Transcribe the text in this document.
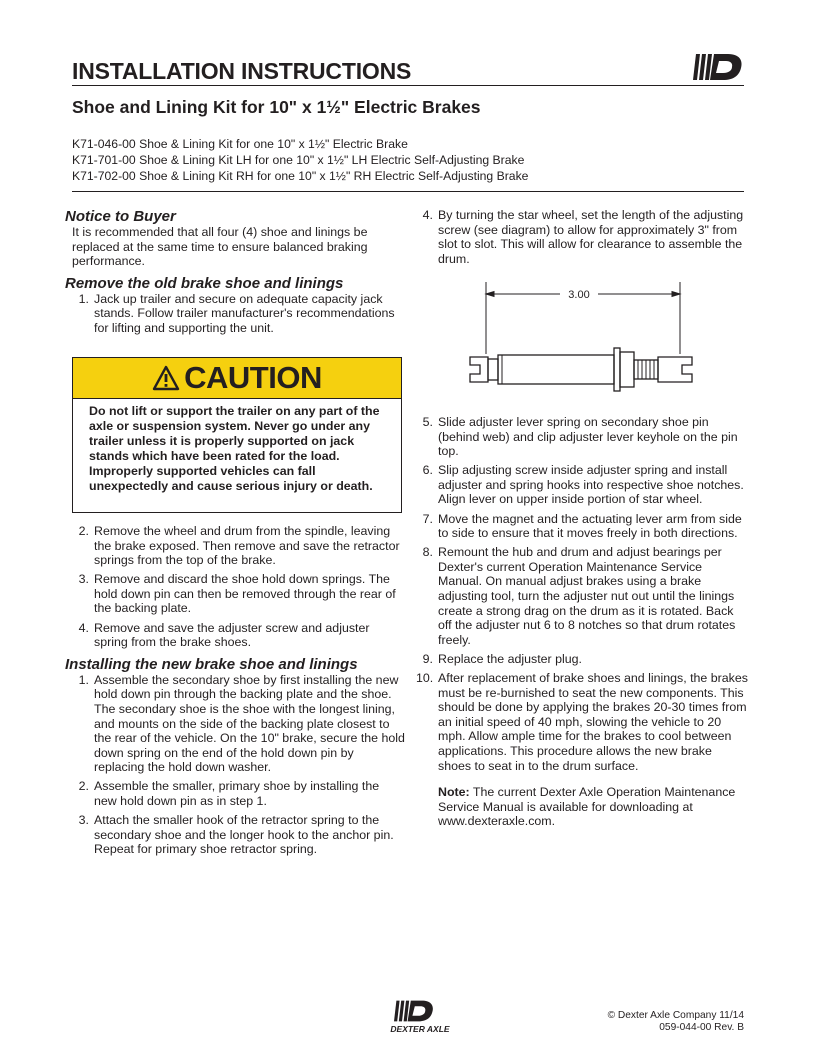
INSTALLATION INSTRUCTIONS
Shoe and Lining Kit for 10" x 1½" Electric Brakes
K71-046-00 Shoe & Lining Kit for one 10" x 1½" Electric Brake
K71-701-00 Shoe & Lining Kit LH for one 10" x 1½" LH Electric Self-Adjusting Brake
K71-702-00 Shoe & Lining Kit RH for one 10" x 1½" RH Electric Self-Adjusting Brake
Notice to Buyer

It is recommended that all four (4) shoe and linings be replaced at the same time to ensure balanced braking performance.

Remove the old brake shoe and linings
1. Jack up trailer and secure on adequate capacity jack stands. Follow trailer manufacturer's recommendations for lifting and supporting the unit.
CAUTION
Do not lift or support the trailer on any part of the axle or suspension system. Never go under any trailer unless it is properly supported on jack stands which have been rated for the load. Improperly supported vehicles can fall unexpectedly and cause serious injury or death.
2. Remove the wheel and drum from the spindle, leaving the brake exposed. Then remove and save the retractor springs from the top of the brake.
3. Remove and discard the shoe hold down springs. The hold down pin can then be removed through the rear of the backing plate.
4. Remove and save the adjuster screw and adjuster spring from the brake shoes.
Installing the new brake shoe and linings
1. Assemble the secondary shoe by first installing the new hold down pin through the backing plate and the shoe. The secondary shoe is the shoe with the longest lining, and mounts on the side of the backing plate closest to the rear of the vehicle. On the 10" brake, secure the hold down spring on the end of the hold down pin by replacing the hold down washer.
2. Assemble the smaller, primary shoe by installing the new hold down pin as in step 1.
3. Attach the smaller hook of the retractor spring to the secondary shoe and the longer hook to the anchor pin. Repeat for primary shoe retractor spring.
4. By turning the star wheel, set the length of the adjusting screw (see diagram) to allow for approximately 3" from slot to slot. This will allow for clearance to assemble the drum.
3.00
5. Slide adjuster lever spring on secondary shoe pin (behind web) and clip adjuster lever keyhole on the pin top.
6. Slip adjusting screw inside adjuster spring and install adjuster and spring hooks into respective shoe notches. Align lever on upper inside portion of star wheel.
7. Move the magnet and the actuating lever arm from side to side to ensure that it moves freely in both directions.
8. Remount the hub and drum and adjust bearings per Dexter's current Operation Maintenance Service Manual. On manual adjust brakes using a brake adjusting tool, turn the adjuster nut out until the linings create a strong drag on the drum as it is rotated. Back off the adjuster nut 6 to 8 notches so that drum rotates freely.
9. Replace the adjuster plug.
10. After replacement of brake shoes and linings, the brakes must be re-burnished to seat the new components. This should be done by applying the brakes 20-30 times from an initial speed of 40 mph, slowing the vehicle to 20 mph. Allow ample time for the brakes to cool between applications. This procedure allows the new brake shoes to seat in to the drum surface.

Note: The current Dexter Axle Operation Maintenance Service Manual is available for downloading at www.dexteraxle.com.

DEXTER AXLE
© Dexter Axle Company 11/14
059-044-00 Rev. B
